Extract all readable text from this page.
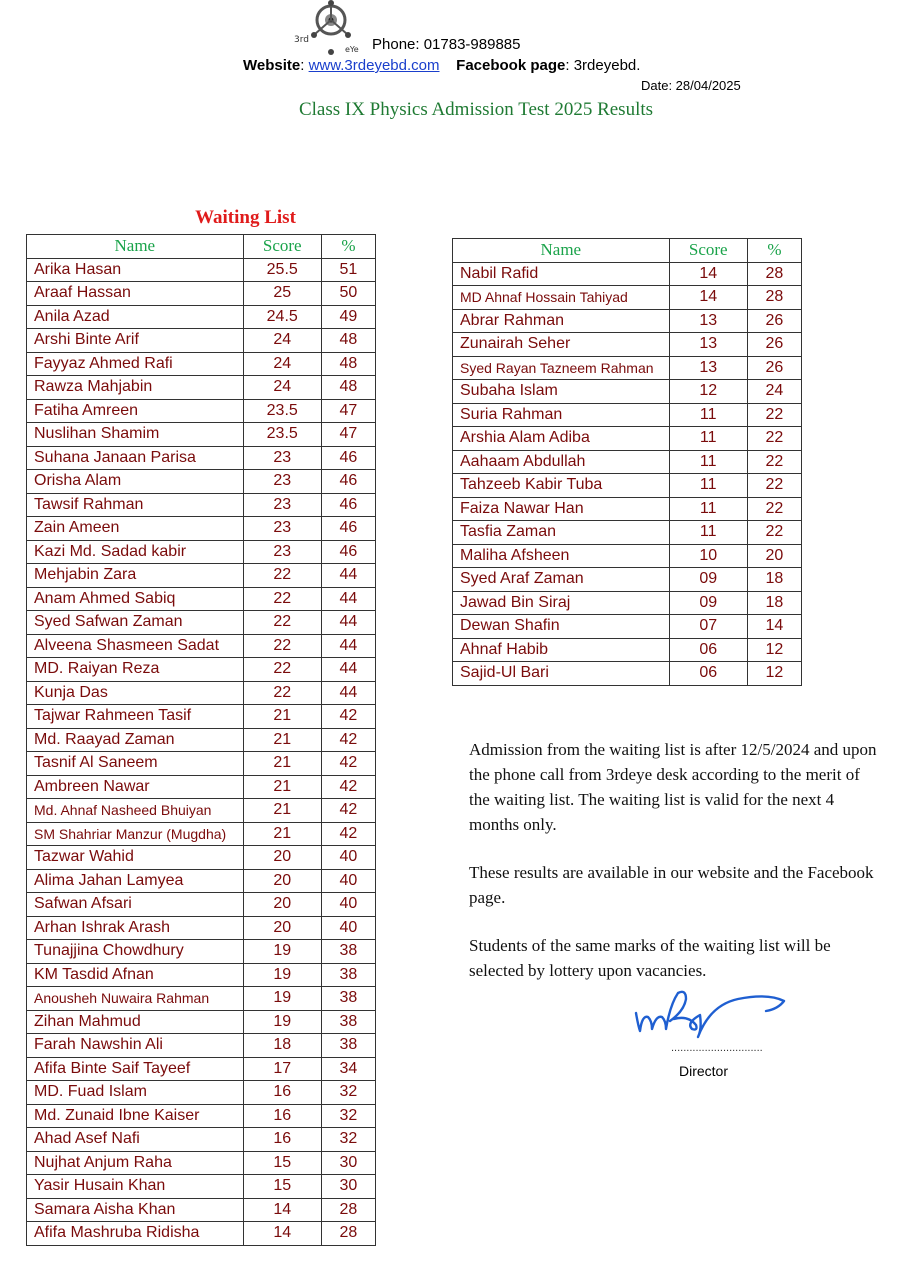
3rd
eYe Phone: 01783-989885
Website: www.3rdeyebd.com Facebook page: 3rdeyebd.
Date: 28/04/2025
Class IX Physics Admission Test 2025 Results
Waiting List
Name	Score	%
Arika Hasan	25.5	51
Araaf Hassan	25	50
Anila Azad	24.5	49
Arshi Binte Arif	24	48
Fayyaz Ahmed Rafi	24	48
Rawza Mahjabin	24	48
Fatiha Amreen	23.5	47
Nuslihan Shamim	23.5	47
Suhana Janaan Parisa	23	46
Orisha Alam	23	46
Tawsif Rahman	23	46
Zain Ameen	23	46
Kazi Md. Sadad kabir	23	46
Mehjabin Zara	22	44
Anam Ahmed Sabiq	22	44
Syed Safwan Zaman	22	44
Alveena Shasmeen Sadat	22	44
MD. Raiyan Reza	22	44
Kunja Das	22	44
Tajwar Rahmeen Tasif	21	42
Md. Raayad Zaman	21	42
Tasnif Al Saneem	21	42
Ambreen Nawar	21	42
Md. Ahnaf Nasheed Bhuiyan	21	42
SM Shahriar Manzur (Mugdha)	21	42
Tazwar Wahid	20	40
Alima Jahan Lamyea	20	40
Safwan Afsari	20	40
Arhan Ishrak Arash	20	40
Tunajjina Chowdhury	19	38
KM Tasdid Afnan	19	38
Anousheh Nuwaira Rahman	19	38
Zihan Mahmud	19	38
Farah Nawshin Ali	18	38
Afifa Binte Saif Tayeef	17	34
MD. Fuad Islam	16	32
Md. Zunaid Ibne Kaiser	16	32
Ahad Asef Nafi	16	32
Nujhat Anjum Raha	15	30
Yasir Husain Khan	15	30
Samara Aisha Khan	14	28
Afifa Mashruba Ridisha	14	28
Name	Score	%
Nabil Rafid	14	28
MD Ahnaf Hossain Tahiyad	14	28
Abrar Rahman	13	26
Zunairah Seher	13	26
Syed Rayan Tazneem Rahman	13	26
Subaha Islam	12	24
Suria Rahman	11	22
Arshia Alam Adiba	11	22
Aahaam Abdullah	11	22
Tahzeeb Kabir Tuba	11	22
Faiza Nawar Han	11	22
Tasfia Zaman	11	22
Maliha Afsheen	10	20
Syed Araf Zaman	09	18
Jawad Bin Siraj	09	18
Dewan Shafin	07	14
Ahnaf Habib	06	12
Sajid-Ul Bari	06	12

Admission from the waiting list is after 12/5/2024 and upon the phone call from 3rdeye desk according to the merit of the waiting list. The waiting list is valid for the next 4 months only.

These results are available in our website and the Facebook page.

Students of the same marks of the waiting list will be selected by lottery upon vacancies.

..............................
Director
